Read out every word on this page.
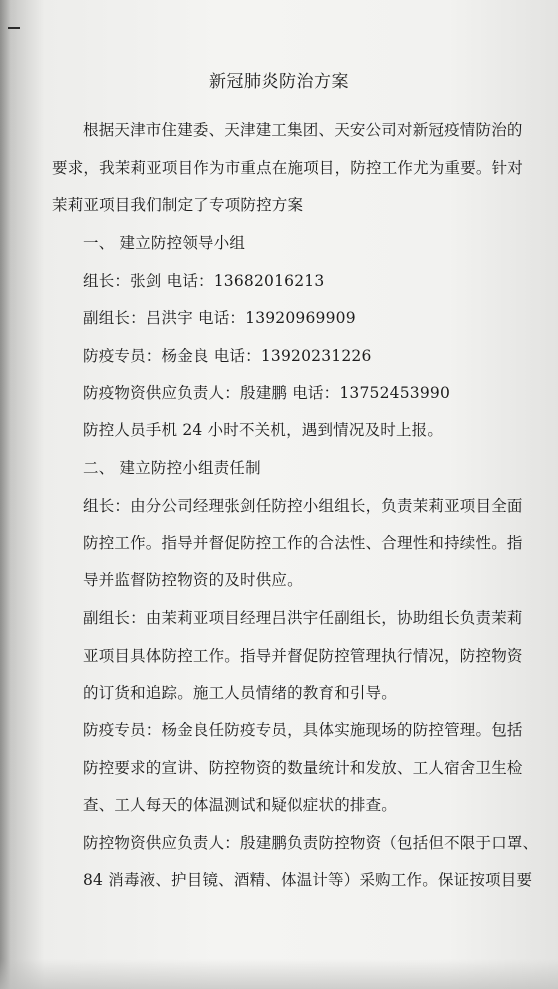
新冠肺炎防治方案
根据天津市住建委、天津建工集团、天安公司对新冠疫情防治的
要求，我茉莉亚项目作为市重点在施项目，防控工作尤为重要。针对
茉莉亚项目我们制定了专项防控方案
一、 建立防控领导小组
组长：张剑 电话：13682016213
副组长：吕洪宇 电话：13920969909
防疫专员：杨金良 电话：13920231226
防疫物资供应负责人：殷建鹏 电话：13752453990
防控人员手机 24 小时不关机，遇到情况及时上报。
二、 建立防控小组责任制
组长：由分公司经理张剑任防控小组组长，负责茉莉亚项目全面
防控工作。指导并督促防控工作的合法性、合理性和持续性。指
导并监督防控物资的及时供应。
副组长：由茉莉亚项目经理吕洪宇任副组长，协助组长负责茉莉
亚项目具体防控工作。指导并督促防控管理执行情况，防控物资
的订货和追踪。施工人员情绪的教育和引导。
防疫专员：杨金良任防疫专员，具体实施现场的防控管理。包括
防控要求的宣讲、防控物资的数量统计和发放、工人宿舍卫生检
查、工人每天的体温测试和疑似症状的排查。
防控物资供应负责人：殷建鹏负责防控物资（包括但不限于口罩、
84 消毒液、护目镜、酒精、体温计等）采购工作。保证按项目要
